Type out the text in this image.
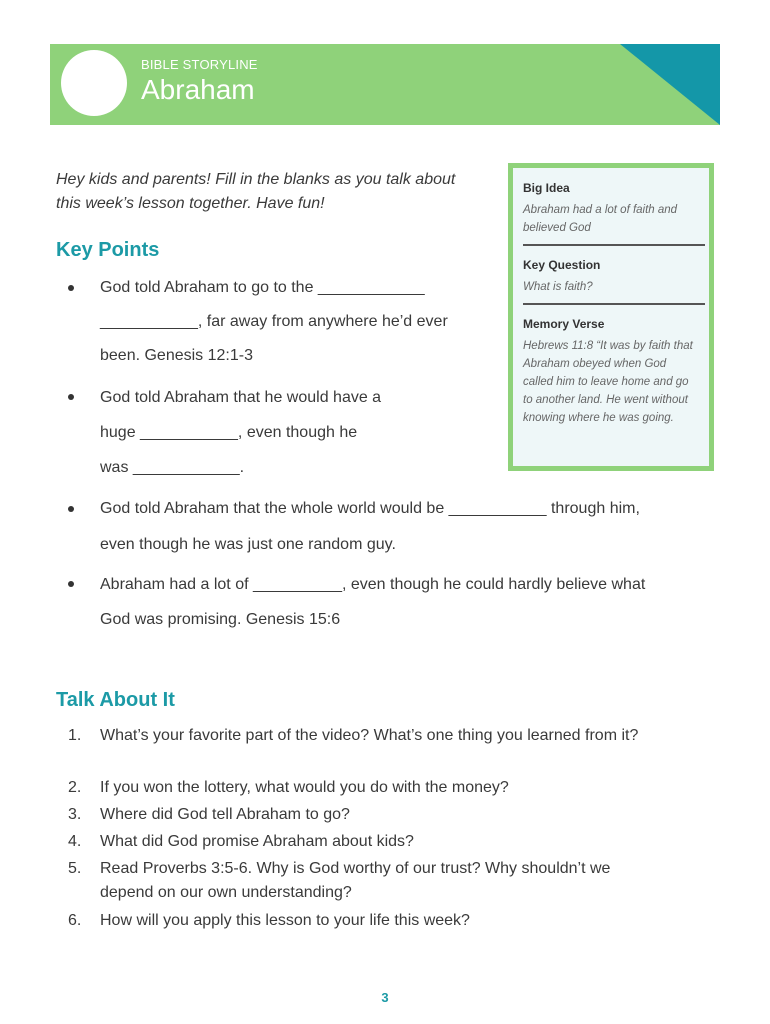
BIBLE STORYLINE
Abraham
Hey kids and parents! Fill in the blanks as you talk about this week’s lesson together. Have fun!
Big Idea
Abraham had a lot of faith and believed God
Key Question
What is faith?
Memory Verse
Hebrews 11:8 “It was by faith that Abraham obeyed when God called him to leave home and go to another land. He went without knowing where he was going.
Key Points
God told Abraham to go to the ____________
___________, far away from anywhere he’d ever
been. Genesis 12:1-3
God told Abraham that he would have a
huge ___________, even though he
was ____________.
God told Abraham that the whole world would be ___________ through him,
even though he was just one random guy.
Abraham had a lot of __________, even though he could hardly believe what
God was promising. Genesis 15:6
Talk About It
1. What’s your favorite part of the video? What’s one thing you learned from it?
2. If you won the lottery, what would you do with the money?
3. Where did God tell Abraham to go?
4. What did God promise Abraham about kids?
5. Read Proverbs 3:5-6. Why is God worthy of our trust? Why shouldn’t we depend on our own understanding?
6. How will you apply this lesson to your life this week?
3
